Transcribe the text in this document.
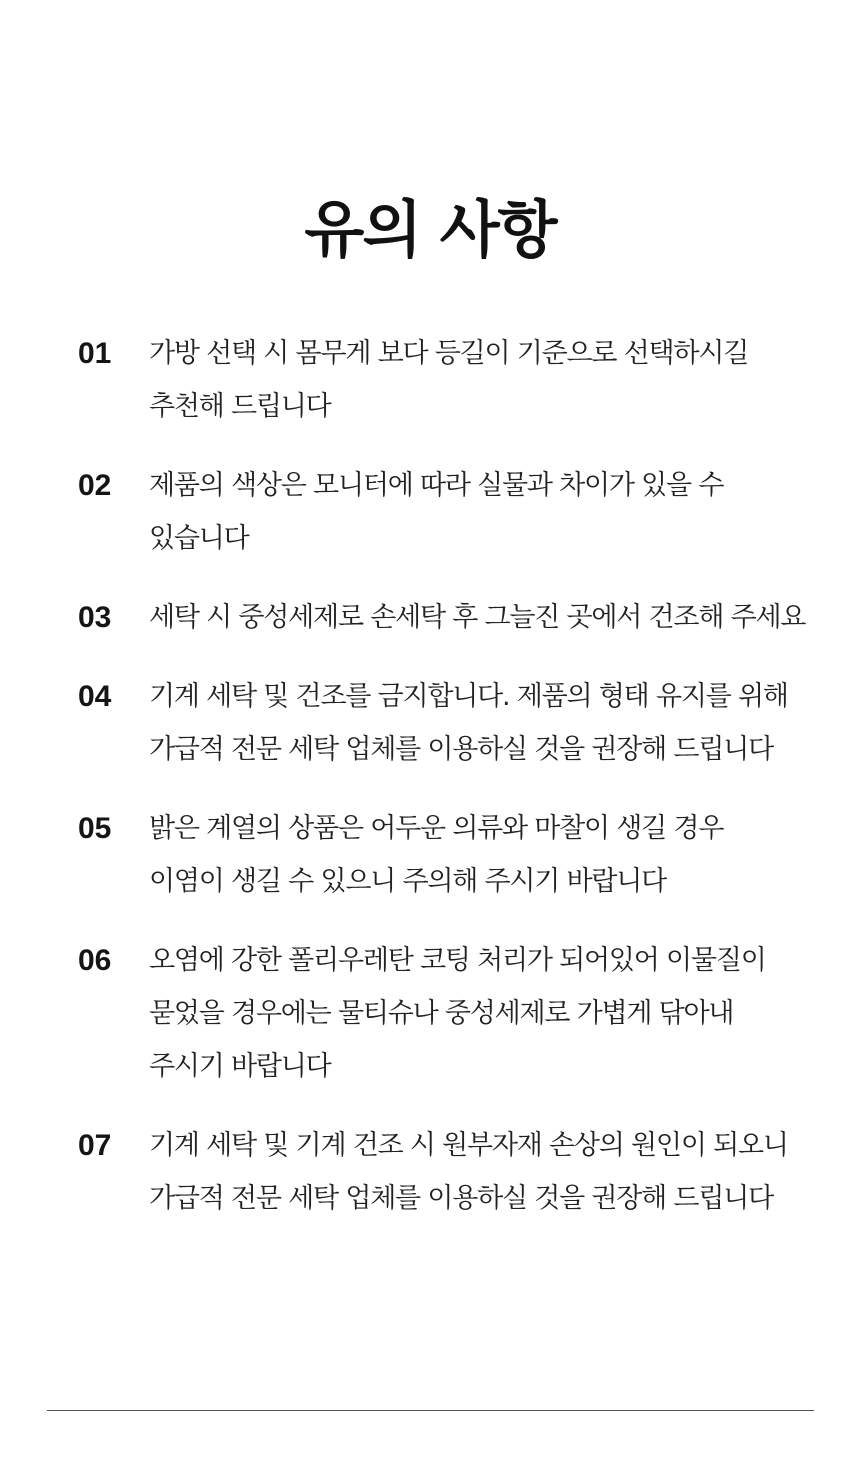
유의 사항
01	가방 선택 시 몸무게 보다 등길이 기준으로 선택하시길
추천해 드립니다
02	제품의 색상은 모니터에 따라 실물과 차이가 있을 수
있습니다
03	세탁 시 중성세제로 손세탁 후 그늘진 곳에서 건조해 주세요
04	기계 세탁 및 건조를 금지합니다. 제품의 형태 유지를 위해
가급적 전문 세탁 업체를 이용하실 것을 권장해 드립니다
05	밝은 계열의 상품은 어두운 의류와 마찰이 생길 경우
이염이 생길 수 있으니 주의해 주시기 바랍니다
06	오염에 강한 폴리우레탄 코팅 처리가 되어있어 이물질이
묻었을 경우에는 물티슈나 중성세제로 가볍게 닦아내
주시기 바랍니다
07	기계 세탁 및 기계 건조 시 원부자재 손상의 원인이 되오니
가급적 전문 세탁 업체를 이용하실 것을 권장해 드립니다
